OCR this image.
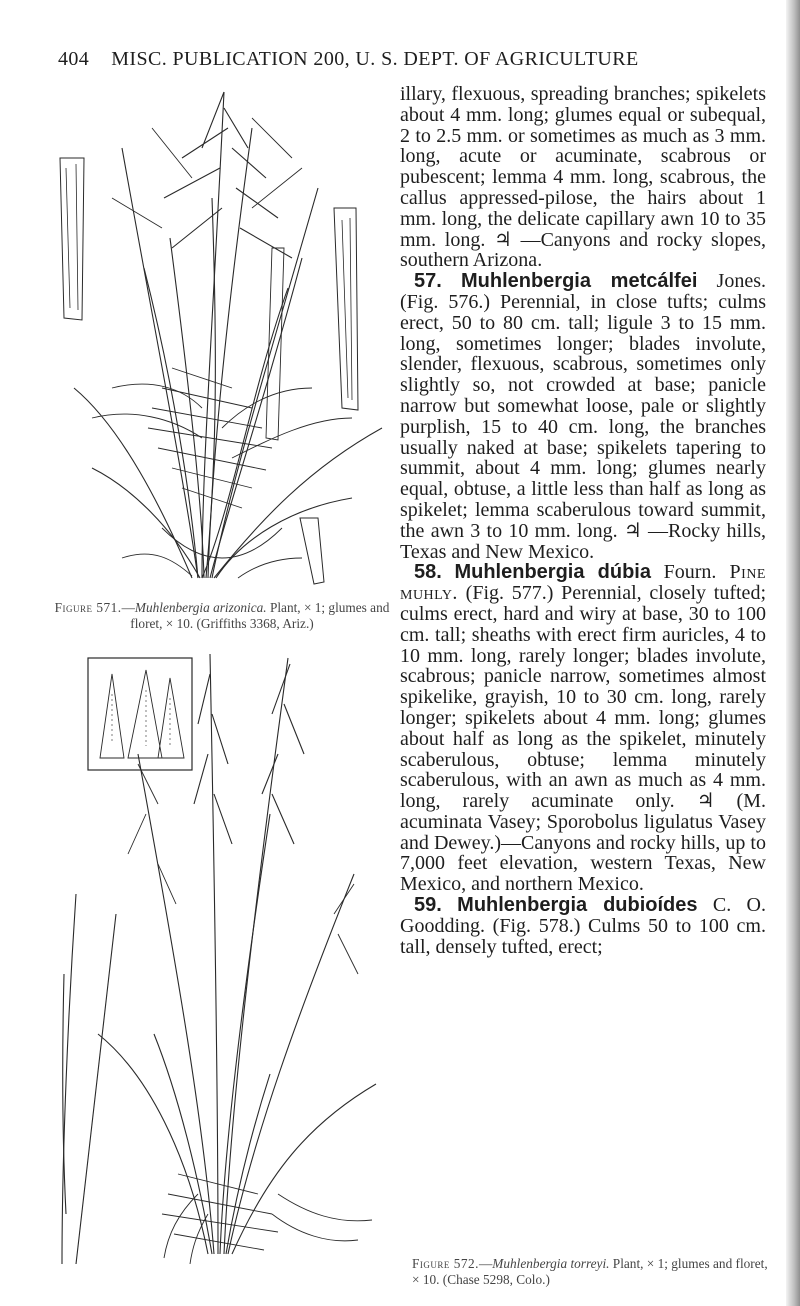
404 MISC. PUBLICATION 200, U. S. DEPT. OF AGRICULTURE
Figure 571.—Muhlenbergia arizonica. Plant, × 1; glumes and floret, × 10. (Griffiths 3368, Ariz.)

illary, flexuous, spreading branches; spikelets about 4 mm. long; glumes equal or subequal, 2 to 2.5 mm. or sometimes as much as 3 mm. long, acute or acuminate, scabrous or pubescent; lemma 4 mm. long, scabrous, the callus appressed-pilose, the hairs about 1 mm. long, the delicate capillary awn 10 to 35 mm. long. ♃ —Canyons and rocky slopes, southern Arizona.

57. Muhlenbergia metcálfei Jones. (Fig. 576.) Perennial, in close tufts; culms erect, 50 to 80 cm. tall; ligule 3 to 15 mm. long, sometimes longer; blades involute, slender, flexuous, scabrous, sometimes only slightly so, not crowded at base; panicle narrow but somewhat loose, pale or slightly purplish, 15 to 40 cm. long, the branches usually naked at base; spikelets tapering to summit, about 4 mm. long; glumes nearly equal, obtuse, a little less than half as long as spikelet; lemma scaberulous toward summit, the awn 3 to 10 mm. long. ♃ —Rocky hills, Texas and New Mexico.

58. Muhlenbergia dúbia Fourn. Pine muhly. (Fig. 577.) Perennial, closely tufted; culms erect, hard and wiry at base, 30 to 100 cm. tall; sheaths with erect firm auricles, 4 to 10 mm. long, rarely longer; blades involute, scabrous; panicle narrow, sometimes almost spikelike, grayish, 10 to 30 cm. long, rarely longer; spikelets about 4 mm. long; glumes about half as long as the spikelet, minutely scaberulous, obtuse; lemma minutely scaberulous, with an awn as much as 4 mm. long, rarely acuminate only. ♃ (M. acuminata Vasey; Sporobolus ligulatus Vasey and Dewey.)—Canyons and rocky hills, up to 7,000 feet elevation, western Texas, New Mexico, and northern Mexico.

59. Muhlenbergia dubioídes C. O. Goodding. (Fig. 578.) Culms 50 to 100 cm. tall, densely tufted, erect;

Figure 572.—Muhlenbergia torreyi. Plant, × 1; glumes and floret, × 10. (Chase 5298, Colo.)
